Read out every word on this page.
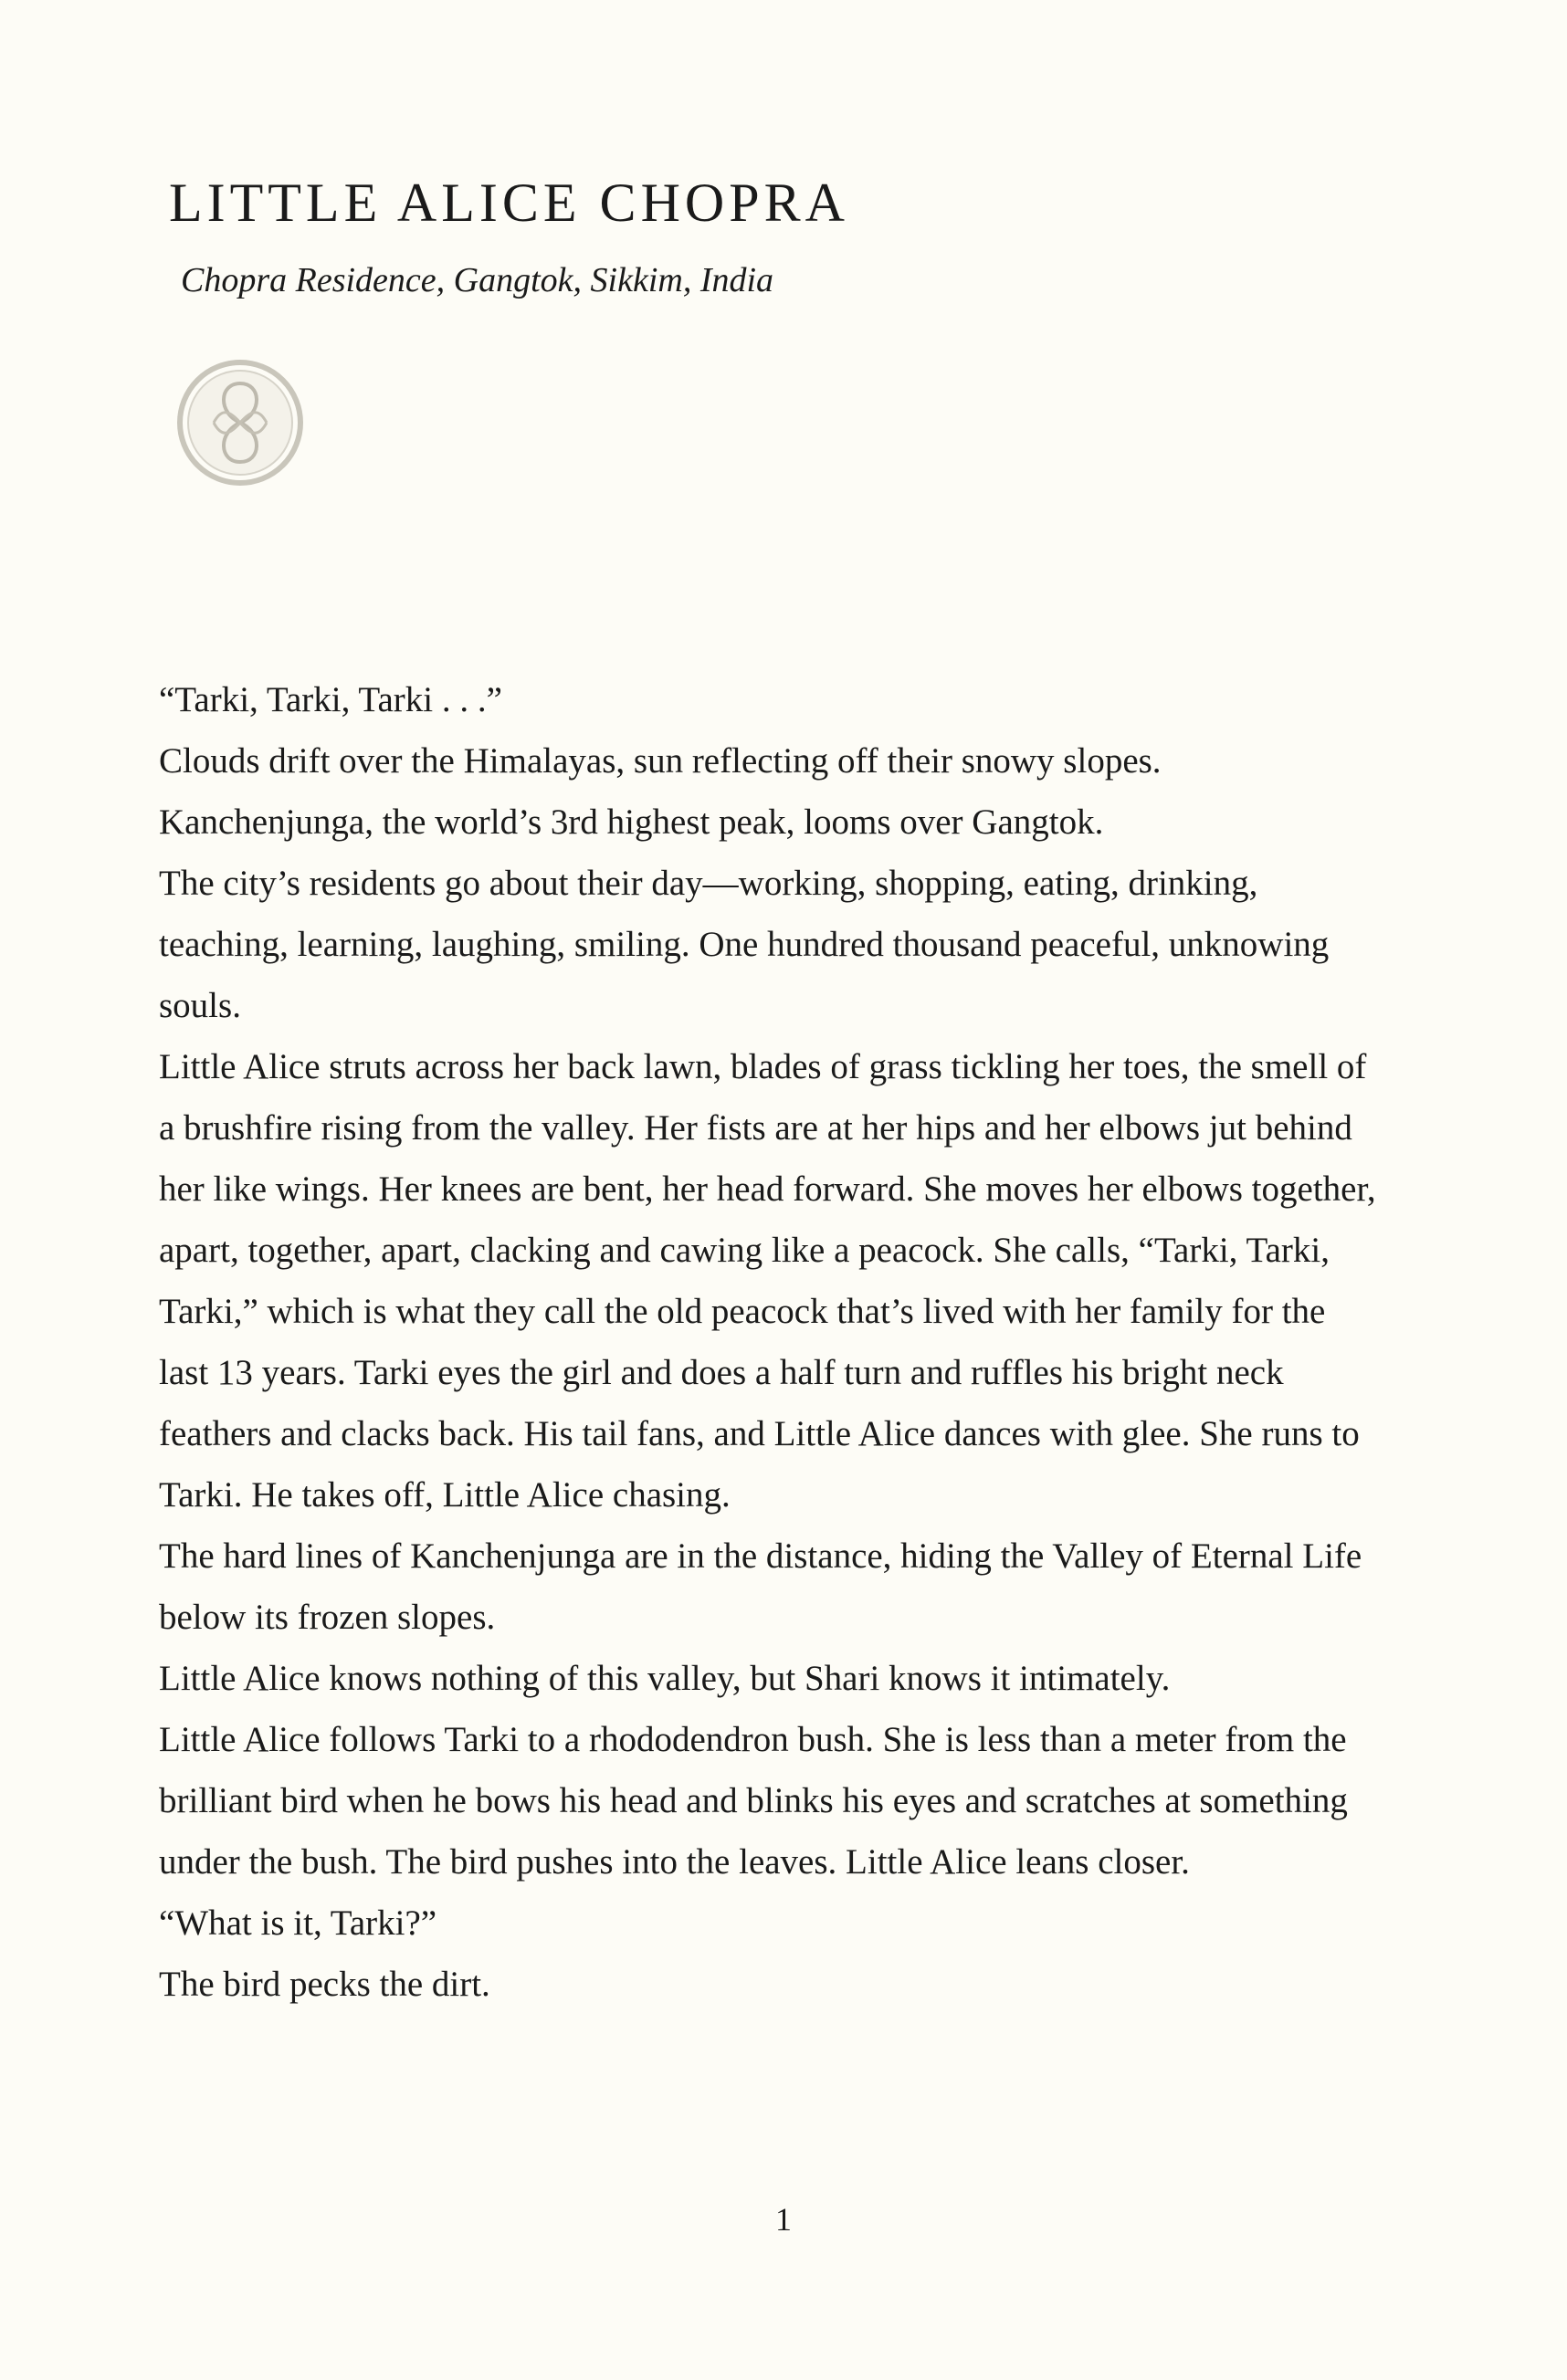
LITTLE ALICE CHOPRA

Chopra Residence, Gangtok, Sikkim, India

“Tarki, Tarki, Tarki . . .”

Clouds drift over the Himalayas, sun reflecting off their snowy slopes. Kanchenjunga, the world’s 3rd highest peak, looms over Gangtok.

The city’s residents go about their day—working, shopping, eating, drinking, teaching, learning, laughing, smiling. One hundred thousand peaceful, unknowing souls.

Little Alice struts across her back lawn, blades of grass tickling her toes, the smell of a brushfire rising from the valley. Her fists are at her hips and her elbows jut behind her like wings. Her knees are bent, her head forward. She moves her elbows together, apart, together, apart, clacking and cawing like a peacock. She calls, “Tarki, Tarki, Tarki,” which is what they call the old peacock that’s lived with her family for the last 13 years. Tarki eyes the girl and does a half turn and ruffles his bright neck feathers and clacks back. His tail fans, and Little Alice dances with glee. She runs to Tarki. He takes off, Little Alice chasing.

The hard lines of Kanchenjunga are in the distance, hiding the Valley of Eternal Life below its frozen slopes.

Little Alice knows nothing of this valley, but Shari knows it intimately.

Little Alice follows Tarki to a rhododendron bush. She is less than a meter from the brilliant bird when he bows his head and blinks his eyes and scratches at something under the bush. The bird pushes into the leaves. Little Alice leans closer.

“What is it, Tarki?”

The bird pecks the dirt.

1
